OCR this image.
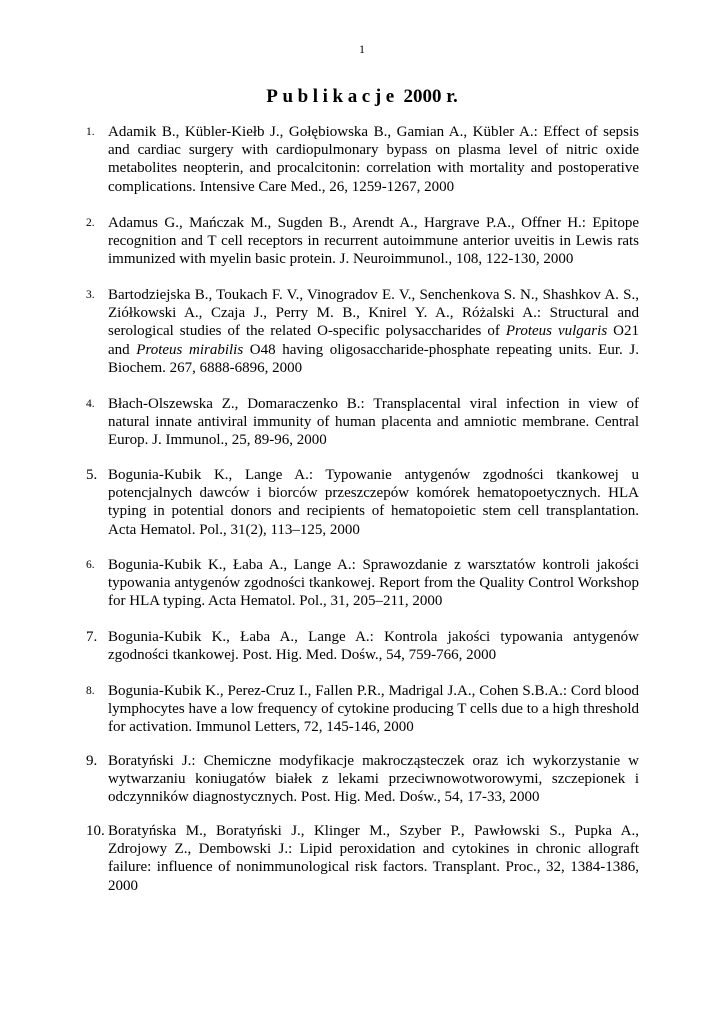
1
Publikacje 2000 r.
1. Adamik B., Kübler-Kiełb J., Gołębiowska B., Gamian A., Kübler A.: Effect of sepsis and cardiac surgery with cardiopulmonary bypass on plasma level of nitric oxide metabolites neopterin, and procalcitonin: correlation with mortality and postoperative complications. Intensive Care Med., 26, 1259-1267, 2000
2. Adamus G., Mańczak M., Sugden B., Arendt A., Hargrave P.A., Offner H.: Epitope recognition and T cell receptors in recurrent autoimmune anterior uveitis in Lewis rats immunized with myelin basic protein. J. Neuroimmunol., 108, 122-130, 2000
3. Bartodziejska B., Toukach F. V., Vinogradov E. V., Senchenkova S. N., Shashkov A. S., Ziółkowski A., Czaja J., Perry M. B., Knirel Y. A., Różalski A.: Structural and serological studies of the related O-specific polysaccharides of Proteus vulgaris O21 and Proteus mirabilis O48 having oligosaccharide-phosphate repeating units. Eur. J. Biochem. 267, 6888-6896, 2000
4. Błach-Olszewska Z., Domaraczenko B.: Transplacental viral infection in view of natural innate antiviral immunity of human placenta and amniotic membrane. Central Europ. J. Immunol., 25, 89-96, 2000
5. Bogunia-Kubik K., Lange A.: Typowanie antygenów zgodności tkankowej u potencjalnych dawców i biorców przeszczepów komórek hematopoetycznych. HLA typing in potential donors and recipients of hematopoietic stem cell transplantation. Acta Hematol. Pol., 31(2), 113–125, 2000
6. Bogunia-Kubik K., Łaba A., Lange A.: Sprawozdanie z warsztatów kontroli jakości typowania antygenów zgodności tkankowej. Report from the Quality Control Workshop for HLA typing. Acta Hematol. Pol., 31, 205–211, 2000
7. Bogunia-Kubik K., Łaba A., Lange A.: Kontrola jakości typowania antygenów zgodności tkankowej. Post. Hig. Med. Dośw., 54, 759-766, 2000
8. Bogunia-Kubik K., Perez-Cruz I., Fallen P.R., Madrigal J.A., Cohen S.B.A.: Cord blood lymphocytes have a low frequency of cytokine producing T cells due to a high threshold for activation. Immunol Letters, 72, 145-146, 2000
9. Boratyński J.: Chemiczne modyfikacje makrocząsteczek oraz ich wykorzystanie w wytwarzaniu koniugatów białek z lekami przeciwnowotworowymi, szczepionek i odczynników diagnostycznych. Post. Hig. Med. Dośw., 54, 17-33, 2000
10. Boratyńska M., Boratyński J., Klinger M., Szyber P., Pawłowski S., Pupka A., Zdrojowy Z., Dembowski J.: Lipid peroxidation and cytokines in chronic allograft failure: influence of nonimmunological risk factors. Transplant. Proc., 32, 1384-1386, 2000
